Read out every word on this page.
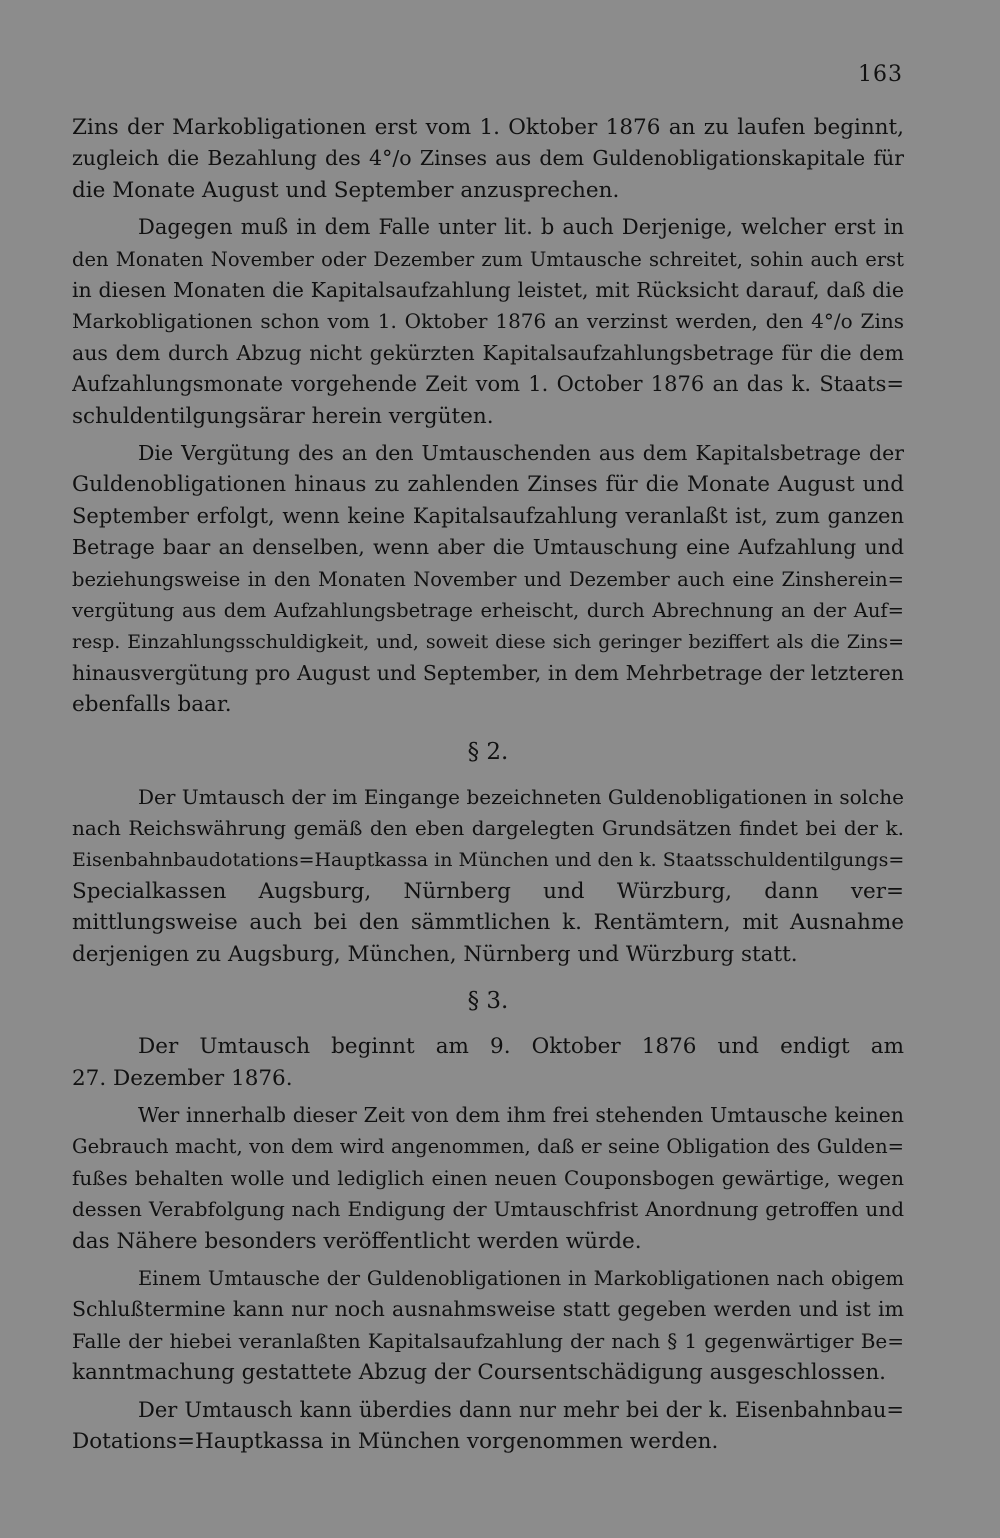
163
Zins der Markobligationen erst vom 1. Oktober 1876 an zu laufen beginnt,
zugleich die Bezahlung des 4°/o Zinses aus dem Guldenobligationskapitale für
die Monate August und September anzusprechen.
Dagegen muß in dem Falle unter lit. b auch Derjenige, welcher erst in
den Monaten November oder Dezember zum Umtausche schreitet, sohin auch erst
in diesen Monaten die Kapitalsaufzahlung leistet, mit Rücksicht darauf, daß die
Markobligationen schon vom 1. Oktober 1876 an verzinst werden, den 4°/o Zins
aus dem durch Abzug nicht gekürzten Kapitalsaufzahlungsbetrage für die dem
Aufzahlungsmonate vorgehende Zeit vom 1. October 1876 an das k. Staats=
schuldentilgungsärar herein vergüten.
Die Vergütung des an den Umtauschenden aus dem Kapitalsbetrage der
Guldenobligationen hinaus zu zahlenden Zinses für die Monate August und
September erfolgt, wenn keine Kapitalsaufzahlung veranlaßt ist, zum ganzen
Betrage baar an denselben, wenn aber die Umtauschung eine Aufzahlung und
beziehungsweise in den Monaten November und Dezember auch eine Zinsherein=
vergütung aus dem Aufzahlungsbetrage erheischt, durch Abrechnung an der Auf=
resp. Einzahlungsschuldigkeit, und, soweit diese sich geringer beziffert als die Zins=
hinausvergütung pro August und September, in dem Mehrbetrage der letzteren
ebenfalls baar.
§ 2.
Der Umtausch der im Eingange bezeichneten Guldenobligationen in solche
nach Reichswährung gemäß den eben dargelegten Grundsätzen findet bei der k.
Eisenbahnbaudotations=Hauptkassa in München und den k. Staatsschuldentilgungs=
Specialkassen Augsburg, Nürnberg und Würzburg, dann ver=
mittlungsweise auch bei den sämmtlichen k. Rentämtern, mit Ausnahme
derjenigen zu Augsburg, München, Nürnberg und Würzburg statt.
§ 3.
Der Umtausch beginnt am 9. Oktober 1876 und endigt am
27. Dezember 1876.
Wer innerhalb dieser Zeit von dem ihm frei stehenden Umtausche keinen
Gebrauch macht, von dem wird angenommen, daß er seine Obligation des Gulden=
fußes behalten wolle und lediglich einen neuen Couponsbogen gewärtige, wegen
dessen Verabfolgung nach Endigung der Umtauschfrist Anordnung getroffen und
das Nähere besonders veröffentlicht werden würde.
Einem Umtausche der Guldenobligationen in Markobligationen nach obigem
Schlußtermine kann nur noch ausnahmsweise statt gegeben werden und ist im
Falle der hiebei veranlaßten Kapitalsaufzahlung der nach § 1 gegenwärtiger Be=
kanntmachung gestattete Abzug der Coursentschädigung ausgeschlossen.
Der Umtausch kann überdies dann nur mehr bei der k. Eisenbahnbau=
Dotations=Hauptkassa in München vorgenommen werden.
